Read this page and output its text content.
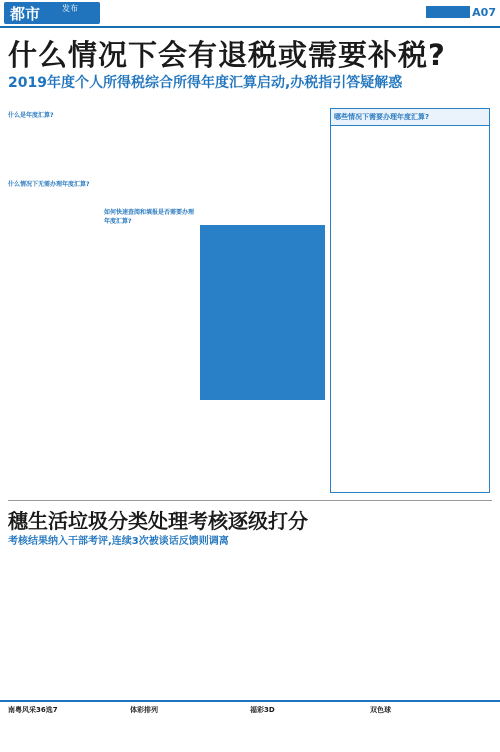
都市	发布	A07
什么情况下会有退税或需要补税?
2019年度个人所得税综合所得年度汇算启动,办税指引答疑解惑
什么是年度汇算?
什么情况下无需办理年度汇算?
如何快速查阅和填报是否需要办理年度汇算?
哪些情况下需要办理年度汇算?
穗生活垃圾分类处理考核逐级打分
考核结果纳入干部考评,连续3次被谈话反馈则调离
南粤风采36选7	体彩排列	福彩3D	双色球
